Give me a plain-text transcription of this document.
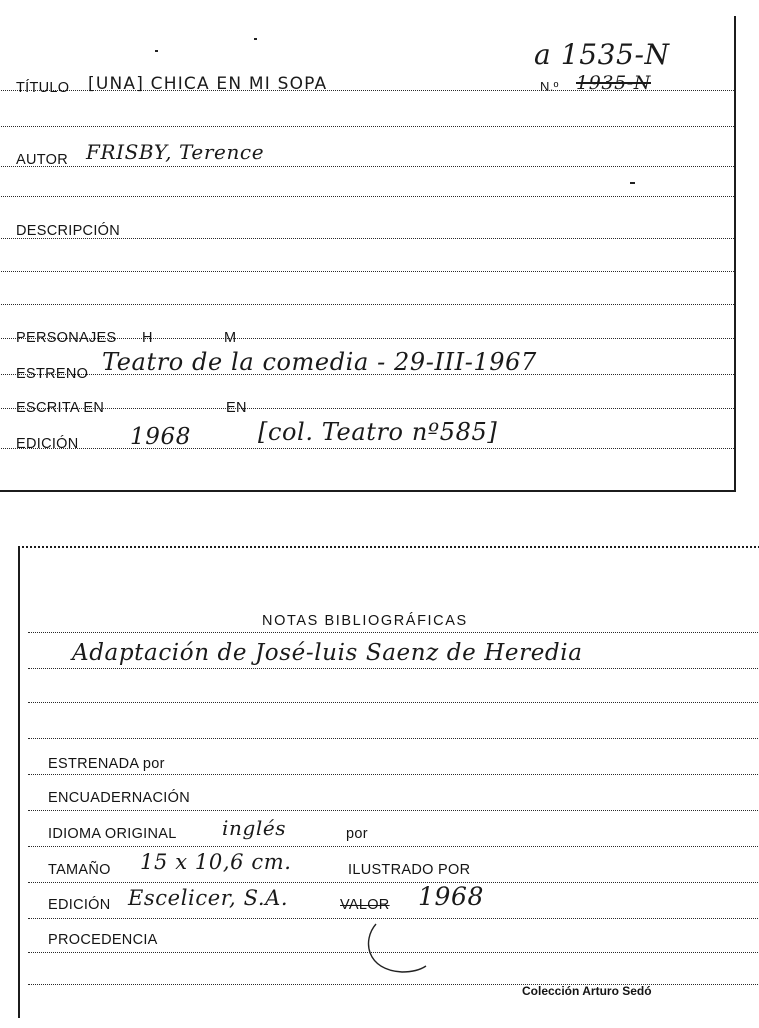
a 1535-N
N.º 1935-N
TÍTULO [UNA] CHICA EN MI SOPA
AUTOR FRISBY, Terence
DESCRIPCIÓN
PERSONAJES H	M
ESTRENO Teatro de la comedia - 29-III-1967
ESCRITA EN	EN
EDICIÓN 1968	[col. Teatro nº585]
NOTAS BIBLIOGRÁFICAS
Adaptación de José-luis Saenz de Heredia
ESTRENADA por
ENCUADERNACIÓN
IDIOMA ORIGINAL inglés	por
TAMAÑO 15 x 10,6 cm.	ILUSTRADO POR
EDICIÓN Escelicer, S.A.	VALOR 1968
PROCEDENCIA
Colección Arturo Sedó
